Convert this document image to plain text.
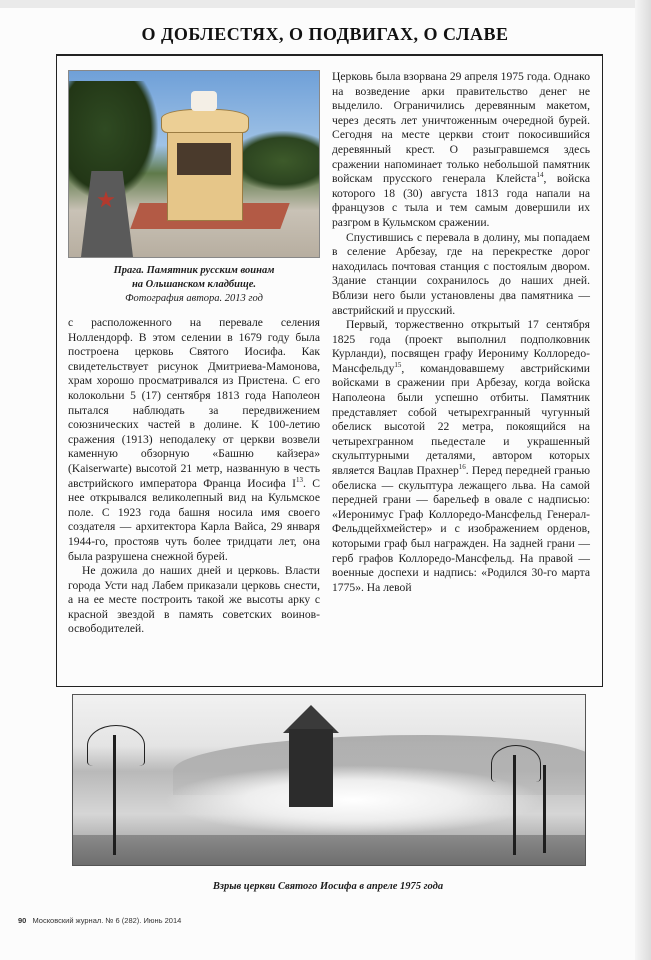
О ДОБЛЕСТЯХ, О ПОДВИГАХ, О СЛАВЕ
Прага. Памятник русским воинам
на Ольшанском кладбище.
Фотография автора. 2013 год

с расположенного на перевале селения Ноллендорф. В этом селении в 1679 году была построена церковь Святого Иосифа. Как свидетельствует рисунок Дмитриева-Мамонова, храм хорошо просматривался из Пристена. С его колокольни 5 (17) сентября 1813 года Наполеон пытался наблюдать за передвижением союзнических частей в долине. К 100-летию сражения (1913) неподалеку от церкви возвели каменную обзорную «Башню кайзера» (Kaiserwarte) высотой 21 метр, названную в честь австрийского императора Франца Иосифа $I^{13}$. С нее открывался великолепный вид на Кульмское поле. С 1923 года башня носила имя своего создателя — архитектора Карла Вайса, 29 января 1944-го, простояв чуть более тридцати лет, она была разрушена снежной бурей.

Не дожила до наших дней и церковь. Власти города Усти над Лабем приказали церковь снести, а на ее месте построить такой же высоты арку с красной звездой в память советских воинов-освободителей.

Церковь была взорвана 29 апреля 1975 года. Однако на возведение арки правительство денег не выделило. Ограничились деревянным макетом, через десять лет уничтоженным очередной бурей. Сегодня на месте церкви стоит покосившийся деревянный крест. О разыгравшемся здесь сражении напоминает только небольшой памятник войскам прусского генерала Клейста$^{14}$, войска которого 18 (30) августа 1813 года напали на французов с тыла и тем самым довершили их разгром в Кульмском сражении.

Спустившись с перевала в долину, мы попадаем в селение Арбезау, где на перекрестке дорог находилась почтовая станция с постоялым двором. Здание станции сохранилось до наших дней. Вблизи него были установлены два памятника — австрийский и прусский.

Первый, торжественно открытый 17 сентября 1825 года (проект выполнил подполковник Курланди), посвящен графу Иерониму Коллоредо-Мансфельду$^{15}$, командовавшему австрийскими войсками в сражении при Арбезау, когда войска Наполеона были успешно отбиты. Памятник представляет собой четырехгранный чугунный обелиск высотой 22 метра, покоящийся на четырехгранном пьедестале и украшенный скульптурными деталями, автором которых является Вацлав Прахнер$^{16}$. Перед передней гранью обелиска — скульптура лежащего льва. На самой передней грани — барельеф в овале с надписью: «Иеронимус Граф Коллоредо-Мансфельд Генерал-Фельдцейхмейстер» и с изображением орденов, которыми граф был награжден. На задней грани — герб графов Коллоредо-Мансфельд. На правой — военные доспехи и надпись: «Родился 30-го марта 1775». На левой

Взрыв церкви Святого Иосифа в апреле 1975 года
90 Московский журнал. № 6 (282). Июнь 2014
